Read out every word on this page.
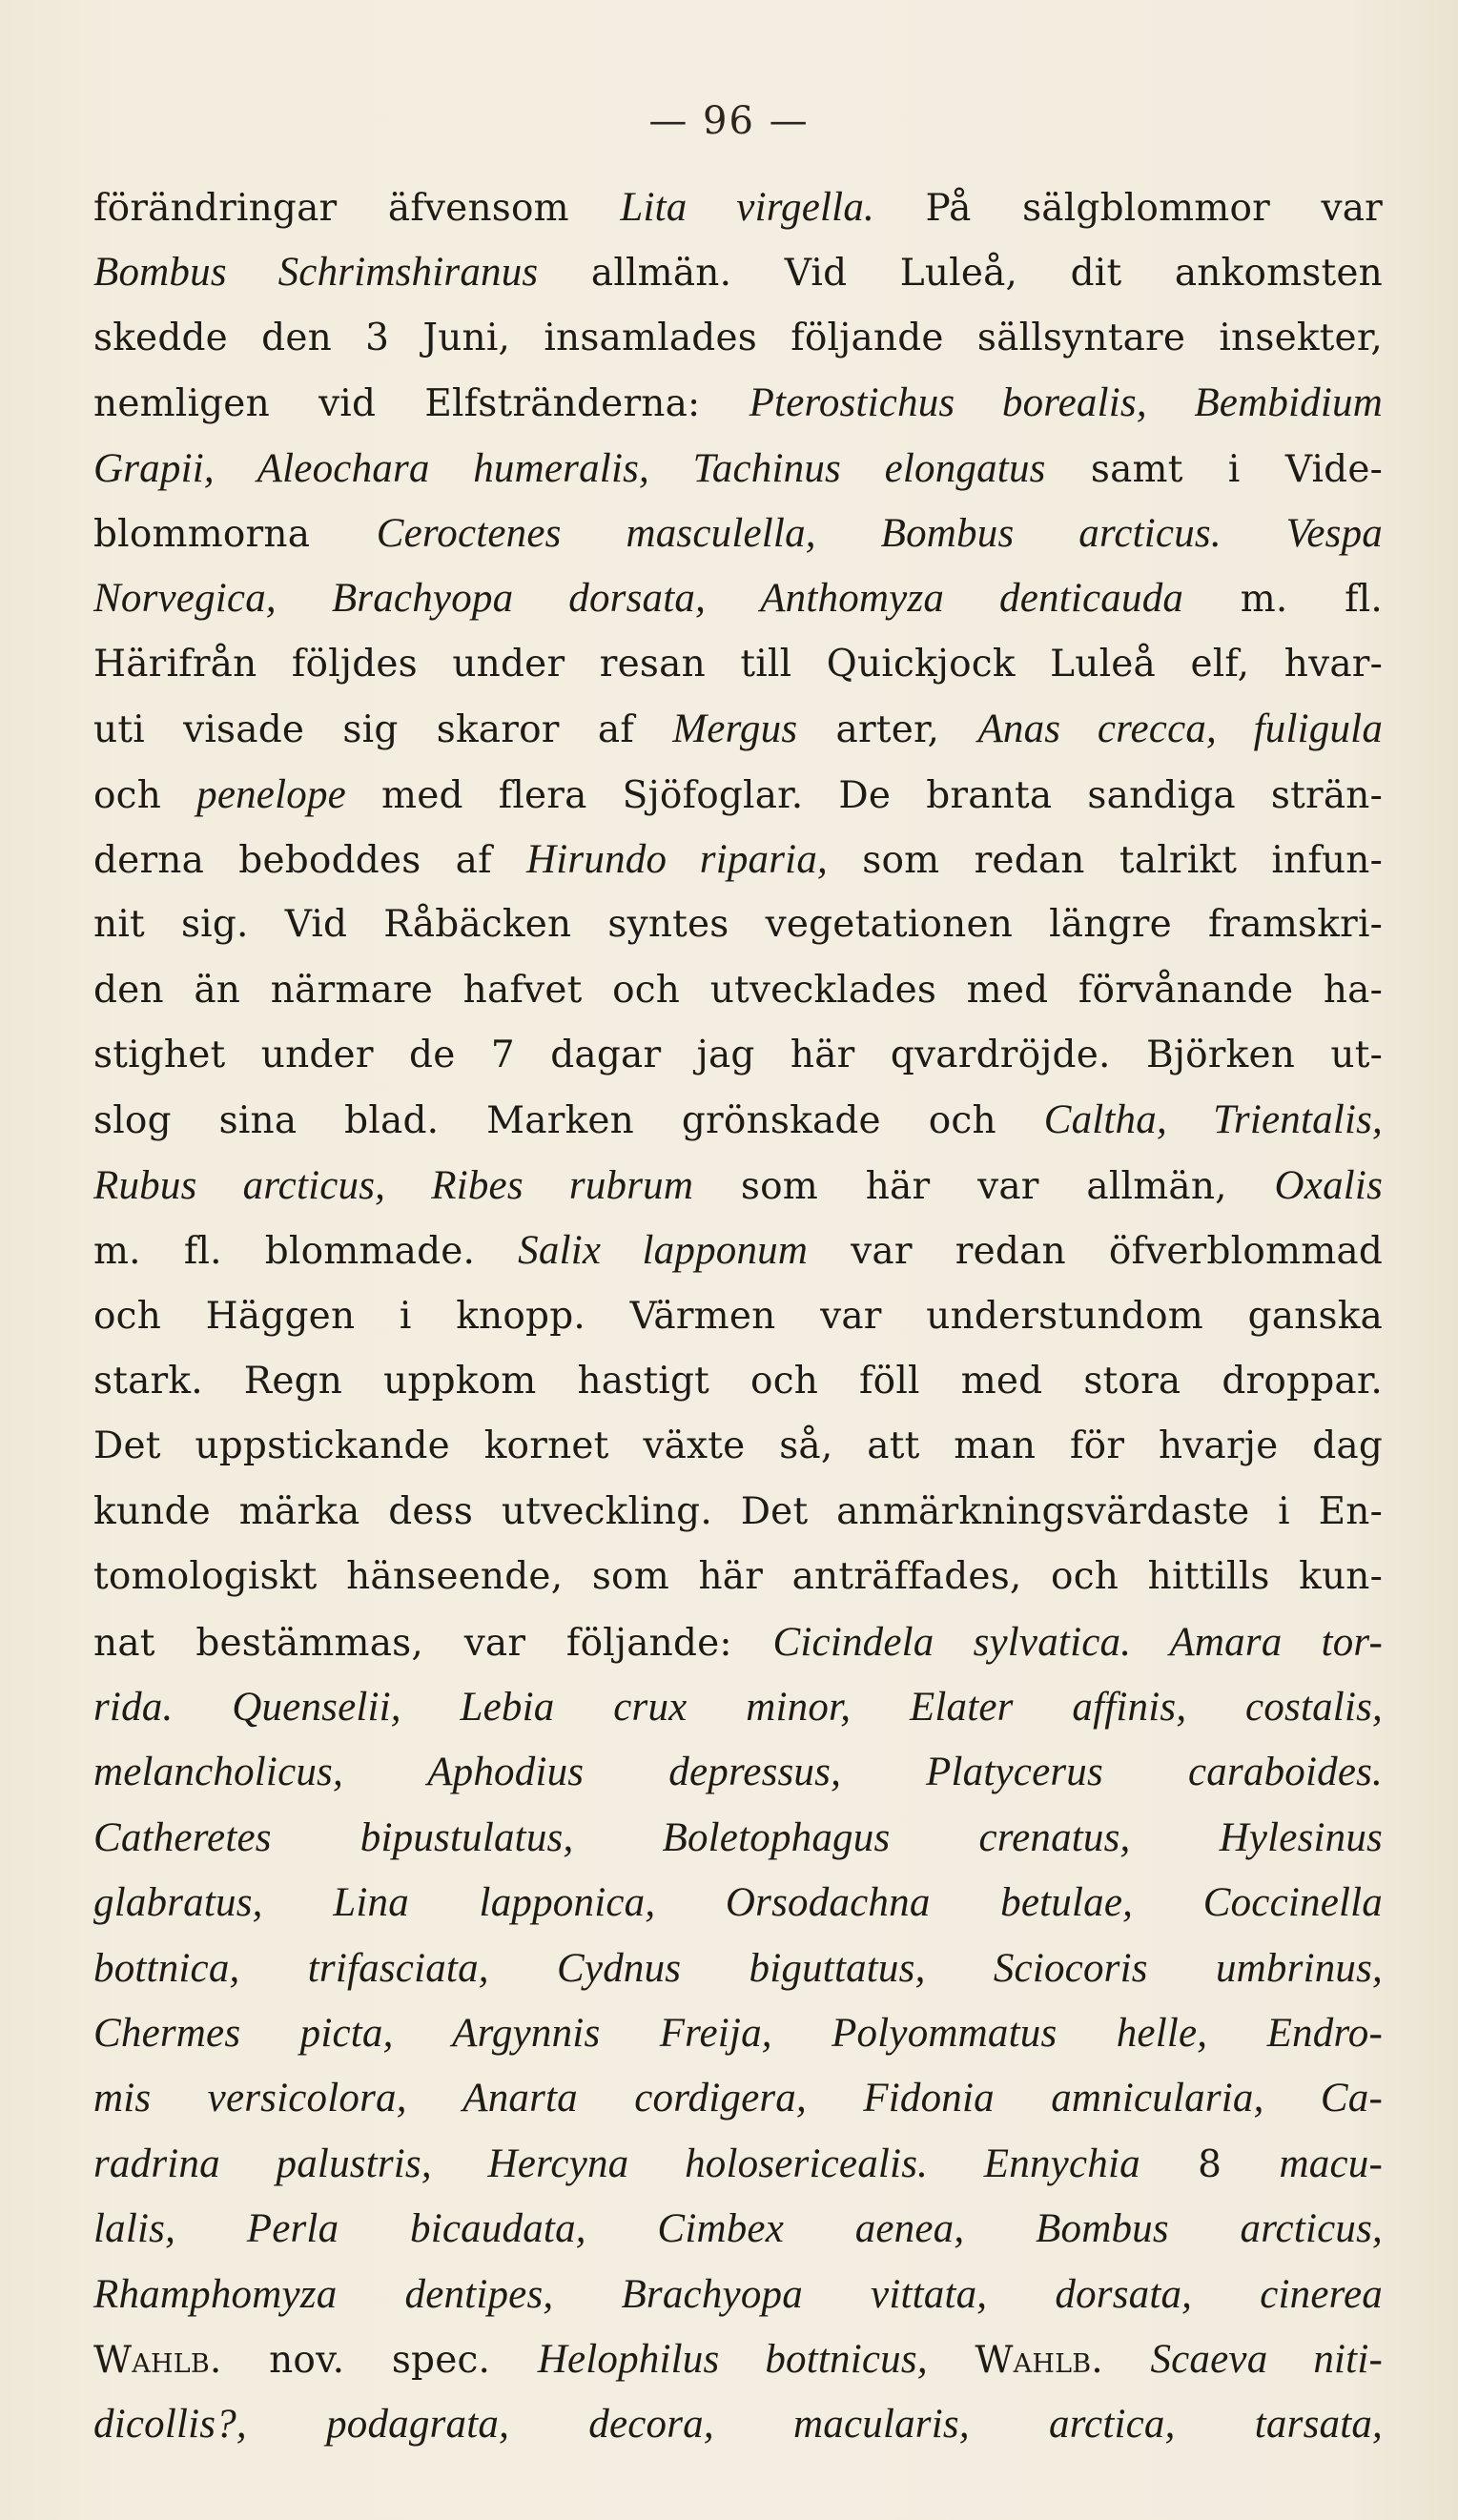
— 96 —
förändringar äfvensom Lita virgella. På sälgblommor var
Bombus Schrimshiranus allmän. Vid Luleå, dit ankomsten
skedde den 3 Juni, insamlades följande sällsyntare insekter,
nemligen vid Elfsträndernа: Pterostichus borealis, Bembidium
Grapii, Aleochara humeralis, Tachinus elongatus samt i Vide-
blommorna Ceroctenes masculella, Bombus arcticus. Vespa
Norvegica, Brachyopa dorsata, Anthomyza denticauda m. fl.
Härifrån följdes under resan till Quickjock Luleå elf, hvar-
uti visade sig skaror af Mergus arter, Anas crecca, fuligula
och penelope med flera Sjöfoglar. De branta sandiga strän-
derna beboddes af Hirundo riparia, som redan talrikt infun-
nit sig. Vid Råbäcken syntes vegetationen längre framskri-
den än närmare hafvet och utvecklades med förvånande ha-
stighet under de 7 dagar jag här qvardröjde. Björken ut-
slog sina blad. Marken grönskade och Caltha, Trientalis,
Rubus arcticus, Ribes rubrum som här var allmän, Oxalis
m. fl. blommade. Salix lapponum var redan öfverblommad
och Häggen i knopp. Värmen var understundom ganska
stark. Regn uppkom hastigt och föll med stora droppar.
Det uppstickande kornet växte så, att man för hvarje dag
kunde märka dess utveckling. Det anmärkningsvärdaste i En-
tomologiskt hänseende, som här anträffades, och hittills kun-
nat bestämmas, var följande: Cicindela sylvatica. Amara tor-
rida. Quenselii, Lebia crux minor, Elater affinis, costalis,
melancholicus, Aphodius depressus, Platycerus caraboides.
Catheretes bipustulatus, Boletophagus crenatus, Hylesinus
glabratus, Lina lapponica, Orsodachna betulae, Coccinella
bottnica, trifasciata, Cydnus biguttatus, Sciocoris umbrinus,
Chermes picta, Argynnis Freija, Polyommatus helle, Endro-
mis versicolora, Anarta cordigera, Fidonia amnicularia, Ca-
radrina palustris, Hercyna holosericealis. Ennychia 8 macu-
lalis, Perla bicaudata, Cimbex aenea, Bombus arcticus,
Rhamphomyza dentipes, Brachyopa vittata, dorsata, cinerea
Wahlb. nov. spec. Helophilus bottnicus, Wahlb. Scaeva niti-
dicollis?, podagrata, decora, macularis, arctica, tarsata,
